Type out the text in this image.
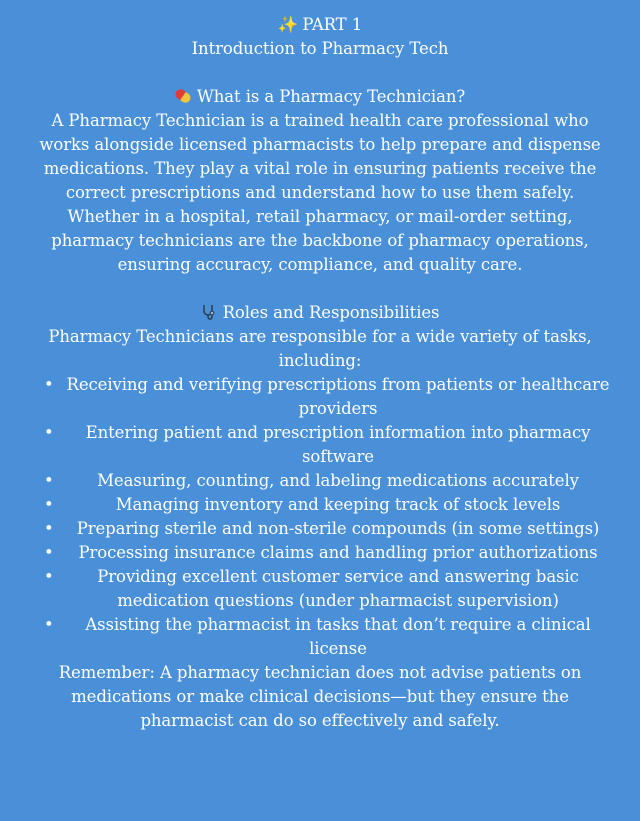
✨ PART 1
Introduction to Pharmacy Tech
What is a Pharmacy Technician?
A Pharmacy Technician is a trained health care professional who works alongside licensed pharmacists to help prepare and dispense medications. They play a vital role in ensuring patients receive the correct prescriptions and understand how to use them safely.
Whether in a hospital, retail pharmacy, or mail-order setting, pharmacy technicians are the backbone of pharmacy operations, ensuring accuracy, compliance, and quality care.
Roles and Responsibilities
Pharmacy Technicians are responsible for a wide variety of tasks, including:
• Receiving and verifying prescriptions from patients or healthcare providers
• Entering patient and prescription information into pharmacy software
• Measuring, counting, and labeling medications accurately
• Managing inventory and keeping track of stock levels
• Preparing sterile and non-sterile compounds (in some settings)
• Processing insurance claims and handling prior authorizations
• Providing excellent customer service and answering basic medication questions (under pharmacist supervision)
• Assisting the pharmacist in tasks that don’t require a clinical license
Remember: A pharmacy technician does not advise patients on medications or make clinical decisions—but they ensure the pharmacist can do so effectively and safely.
